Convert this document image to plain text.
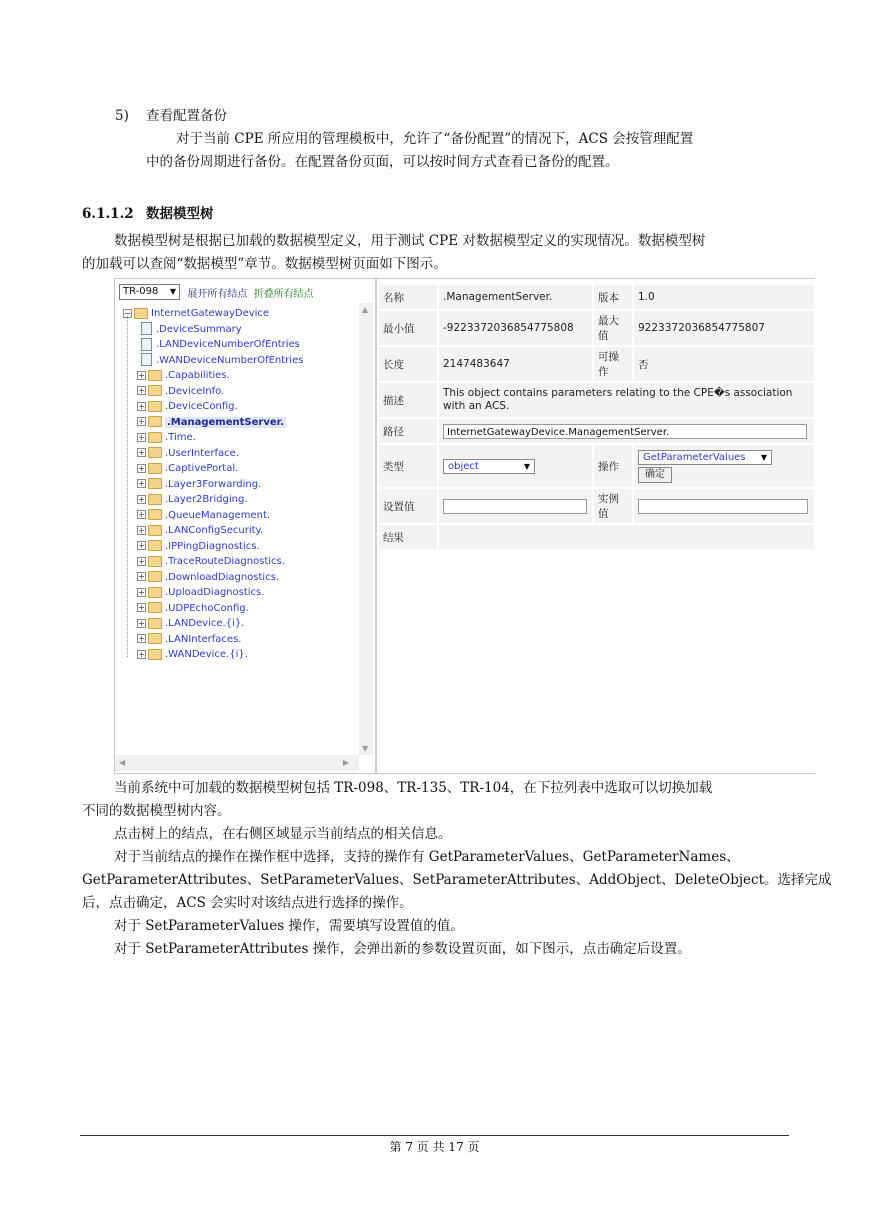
5) 查看配置备份
对于当前 CPE 所应用的管理模板中，允许了“备份配置”的情况下，ACS 会按管理配置
中的备份周期进行备份。在配置备份页面，可以按时间方式查看已备份的配置。
6.1.1.2 数据模型树
数据模型树是根据已加载的数据模型定义，用于测试 CPE 对数据模型定义的实现情况。数据模型树
的加载可以查阅“数据模型”章节。数据模型树页面如下图示。
TR-098 ▼ 展开所有结点 折叠所有结点
− InternetGatewayDevice
.DeviceSummary
.LANDeviceNumberOfEntries
.WANDeviceNumberOfEntries
+ .Capabilities.
+ .DeviceInfo.
+ .DeviceConfig.
+ .ManagementServer.
+ .Time.
+ .UserInterface.
+ .CaptivePortal.
+ .Layer3Forwarding.
+ .Layer2Bridging.
+ .QueueManagement.
+ .LANConfigSecurity.
+ .IPPingDiagnostics.
+ .TraceRouteDiagnostics.
+ .DownloadDiagnostics.
+ .UploadDiagnostics.
+ .UDPEchoConfig.
+ .LANDevice.{i}.
+ .LANInterfaces.
+ .WANDevice.{i}.
▲
▼
◀	▶
名称	.ManagementServer.	版本	1.0
最小值	-9223372036854775808	最大值	9223372036854775807
长度	2147483647	可操作	否
描述	This object contains parameters relating to the CPE�s association with an ACS.		
路径	InternetGatewayDevice.ManagementServer.		
类型	object ▼	操作	GetParameterValues ▼

确定
设置值		实例值	
结果			
当前系统中可加载的数据模型树包括 TR-098、TR-135、TR-104，在下拉列表中选取可以切换加载
不同的数据模型树内容。
点击树上的结点，在右侧区域显示当前结点的相关信息。
对于当前结点的操作在操作框中选择，支持的操作有 GetParameterValues、GetParameterNames、
GetParameterAttributes、SetParameterValues、SetParameterAttributes、AddObject、DeleteObject。选择完成
后，点击确定，ACS 会实时对该结点进行选择的操作。
对于 SetParameterValues 操作，需要填写设置值的值。
对于 SetParameterAttributes 操作，会弹出新的参数设置页面，如下图示，点击确定后设置。
第 7 页 共 17 页
